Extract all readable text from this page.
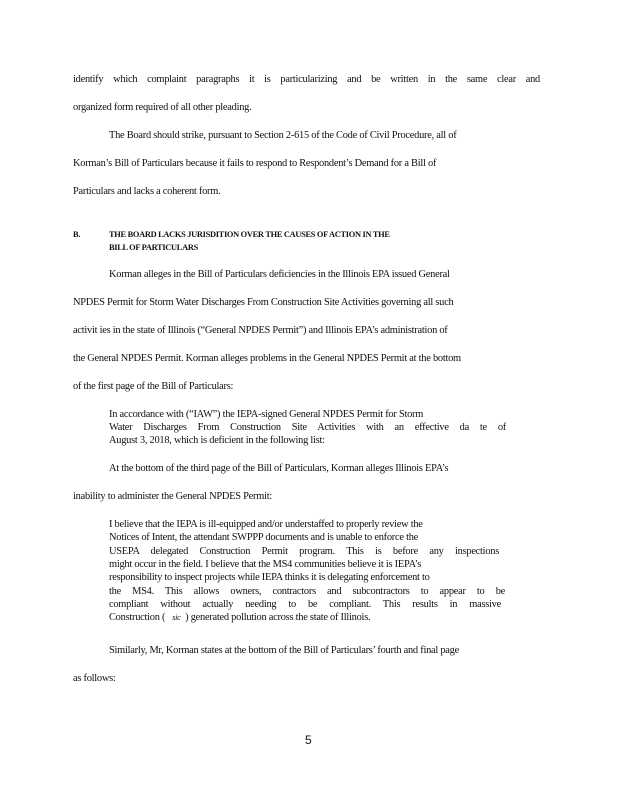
identify which complaint paragraphs it is particularizing and be written in the same clear and
organized form required of all other pleading.
The Board should strike, pursuant to Section 2-615 of the Code of Civil Procedure, all of
Korman’s Bill of Particulars because it fails to respond to Respondent’s Demand for a Bill of
Particulars and lacks a coherent form.
B.	THE BOARD LACKS JURISDITION OVER THE CAUSES OF ACTION IN THE
BILL OF PARTICULARS
Korman alleges in the Bill of Particulars deficiencies in the Illinois EPA issued General
NPDES Permit for Storm Water Discharges From Construction Site Activities governing all such
activit ies in the state of Illinois (“General NPDES Permit”) and Illinois EPA’s administration of
the General NPDES Permit. Korman alleges problems in the General NPDES Permit at the bottom
of the first page of the Bill of Particulars:
In accordance with (“IAW”) the IEPA-signed General NPDES Permit for Storm
Water Discharges From Construction Site Activities with an effective da te of
August 3, 2018, which is deficient in the following list:
At the bottom of the third page of the Bill of Particulars, Korman alleges Illinois EPA’s
inability to administer the General NPDES Permit:
I believe that the IEPA is ill-equipped and/or understaffed to properly review the
Notices of Intent, the attendant SWPPP documents and is unable to enforce the
USEPA delegated Construction Permit program. This is before any inspections
might occur in the field. I believe that the MS4 communities believe it is IEPA’s
responsibility to inspect projects while IEPA thinks it is delegating enforcement to
the MS4. This allows owners, contractors and subcontractors to appear to be
compliant without actually needing to be compliant. This results in massive
Construction ( sic ) generated pollution across the state of Illinois.
Similarly, Mr, Korman states at the bottom of the Bill of Particulars’ fourth and final page
as follows:
5
